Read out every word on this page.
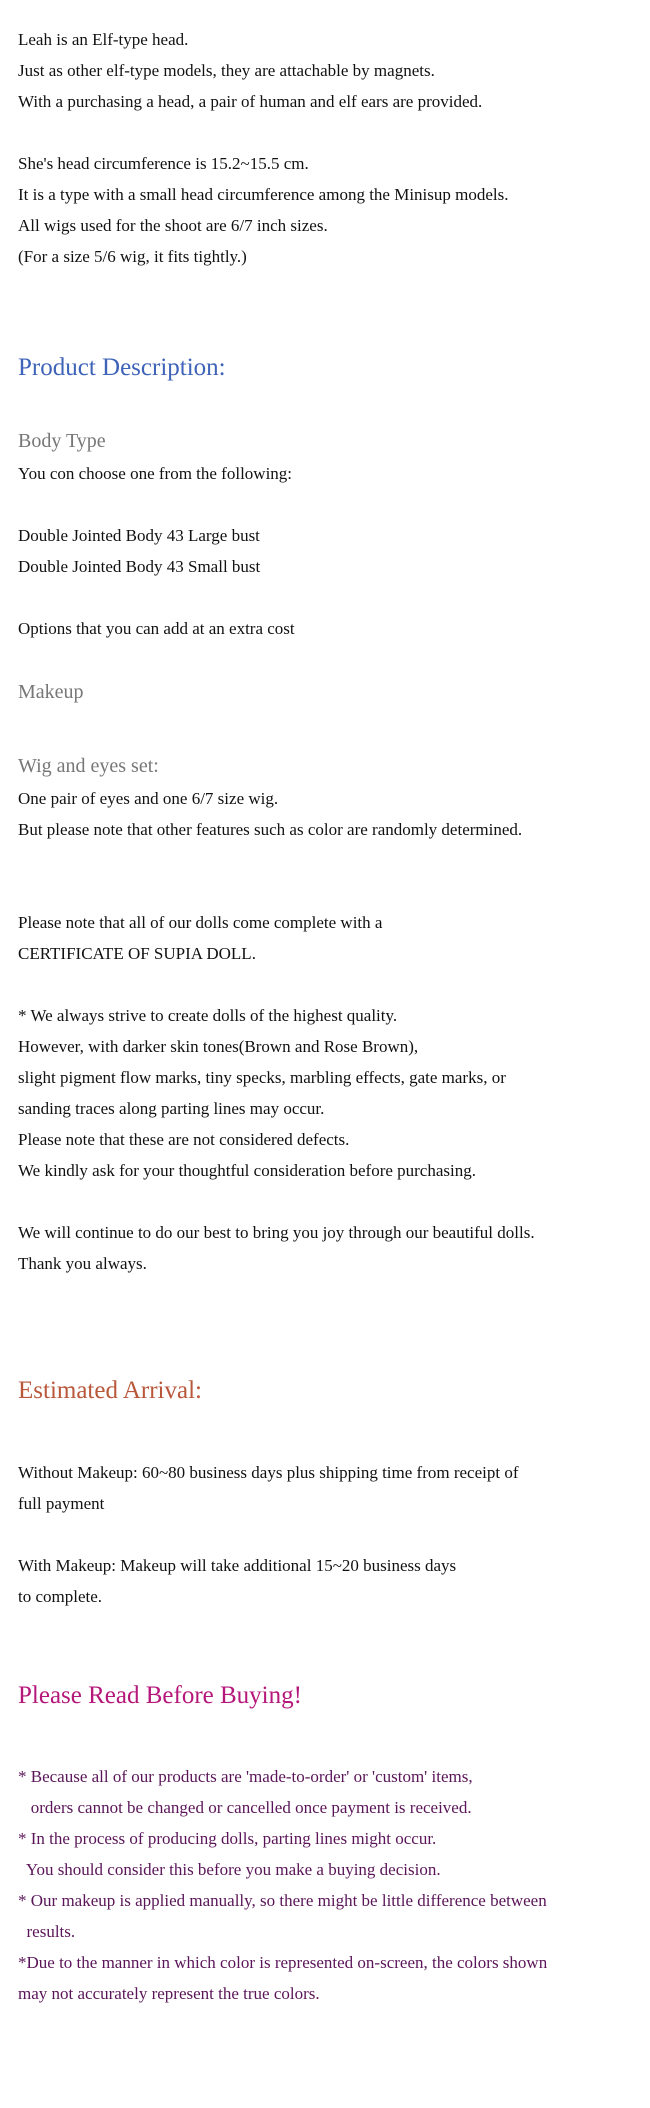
Leah is an Elf-type head.

Just as other elf-type models, they are attachable by magnets.

With a purchasing a head, a pair of human and elf ears are provided.

She's head circumference is 15.2~15.5 cm.

It is a type with a small head circumference among the Minisup models.

All wigs used for the shoot are 6/7 inch sizes.

(For a size 5/6 wig, it fits tightly.)

Product Description:
Body Type

You con choose one from the following:

Double Jointed Body 43 Large bust

Double Jointed Body 43 Small bust

Options that you can add at an extra cost

Makeup
Wig and eyes set:

One pair of eyes and one 6/7 size wig.

But please note that other features such as color are randomly determined.

Please note that all of our dolls come complete with a

CERTIFICATE OF SUPIA DOLL.

* We always strive to create dolls of the highest quality.

However, with darker skin tones(Brown and Rose Brown),

slight pigment flow marks, tiny specks, marbling effects, gate marks, or

sanding traces along parting lines may occur.

Please note that these are not considered defects.

We kindly ask for your thoughtful consideration before purchasing.

We will continue to do our best to bring you joy through our beautiful dolls.

Thank you always.

Estimated Arrival:

Without Makeup: 60~80 business days plus shipping time from receipt of

full payment

With Makeup: Makeup will take additional 15~20 business days

to complete.

Please Read Before Buying!

* Because all of our products are 'made-to-order' or 'custom' items,

orders cannot be changed or cancelled once payment is received.

* In the process of producing dolls, parting lines might occur.

You should consider this before you make a buying decision.

* Our makeup is applied manually, so there might be little difference between

results.

*Due to the manner in which color is represented on-screen, the colors shown

may not accurately represent the true colors.
